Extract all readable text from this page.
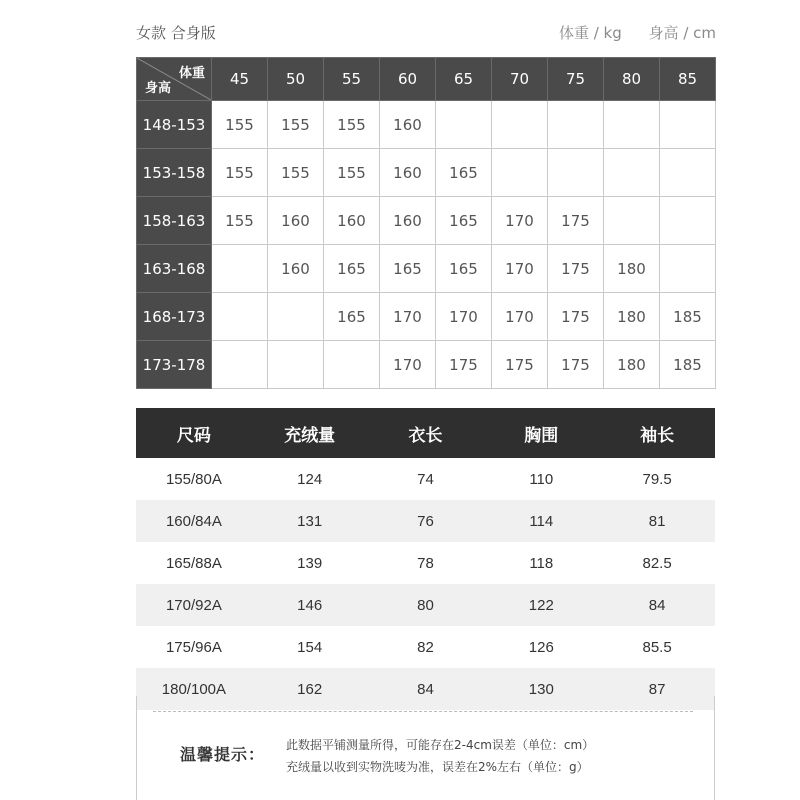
女款 合身版	体重 / kg 身高 / cm
体重
身高	45	50	55	60	65	70	75	80	85
148-153	155	155	155	160					
153-158	155	155	155	160	165				
158-163	155	160	160	160	165	170	175		
163-168		160	165	165	165	170	175	180	
168-173			165	170	170	170	175	180	185
173-178				170	175	175	175	180	185
尺码	充绒量	衣长	胸围	袖长
155/80A	124	74	110	79.5
160/84A	131	76	114	81
165/88A	139	78	118	82.5
170/92A	146	80	122	84
175/96A	154	82	126	85.5
180/100A	162	84	130	87
温馨提示： 此数据平铺测量所得，可能存在2-4cm误差（单位：cm）
充绒量以收到实物洗唛为准，误差在2%左右（单位：g）
